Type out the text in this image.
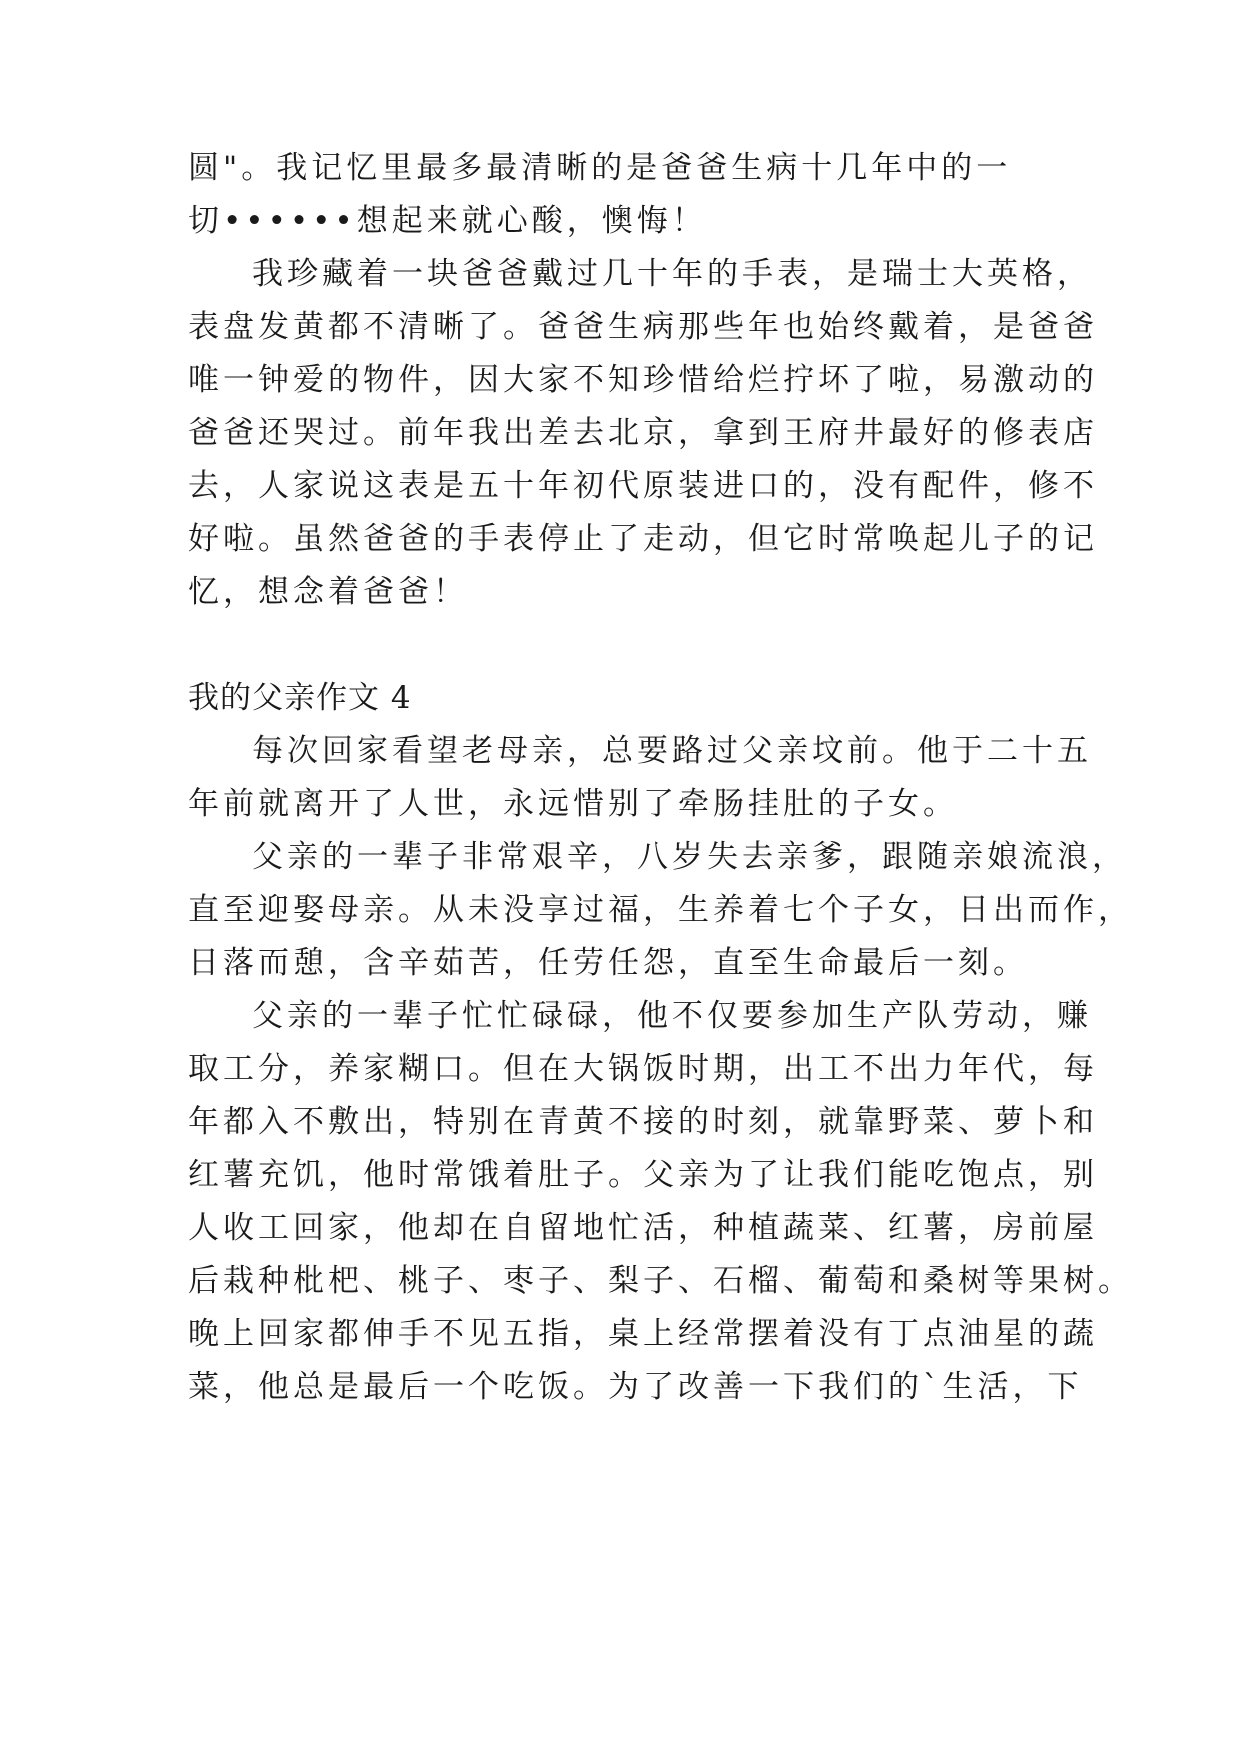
圆"。我记忆里最多最清晰的是爸爸生病十几年中的一
切••••••想起来就心酸，懊悔！
我珍藏着一块爸爸戴过几十年的手表，是瑞士大英格，
表盘发黄都不清晰了。爸爸生病那些年也始终戴着，是爸爸
唯一钟爱的物件，因大家不知珍惜给烂拧坏了啦，易激动的
爸爸还哭过。前年我出差去北京，拿到王府井最好的修表店
去，人家说这表是五十年初代原装进口的，没有配件，修不
好啦。虽然爸爸的手表停止了走动，但它时常唤起儿子的记
忆，想念着爸爸！
我的父亲作文 4
每次回家看望老母亲，总要路过父亲坟前。他于二十五
年前就离开了人世，永远惜别了牵肠挂肚的子女。
父亲的一辈子非常艰辛，八岁失去亲爹，跟随亲娘流浪，
直至迎娶母亲。从未没享过福，生养着七个子女，日出而作，
日落而憩，含辛茹苦，任劳任怨，直至生命最后一刻。
父亲的一辈子忙忙碌碌，他不仅要参加生产队劳动，赚
取工分，养家糊口。但在大锅饭时期，出工不出力年代，每
年都入不敷出，特别在青黄不接的时刻，就靠野菜、萝卜和
红薯充饥，他时常饿着肚子。父亲为了让我们能吃饱点，别
人收工回家，他却在自留地忙活，种植蔬菜、红薯，房前屋
后栽种枇杷、桃子、枣子、梨子、石榴、葡萄和桑树等果树。
晚上回家都伸手不见五指，桌上经常摆着没有丁点油星的蔬
菜，他总是最后一个吃饭。为了改善一下我们的`生活，下
